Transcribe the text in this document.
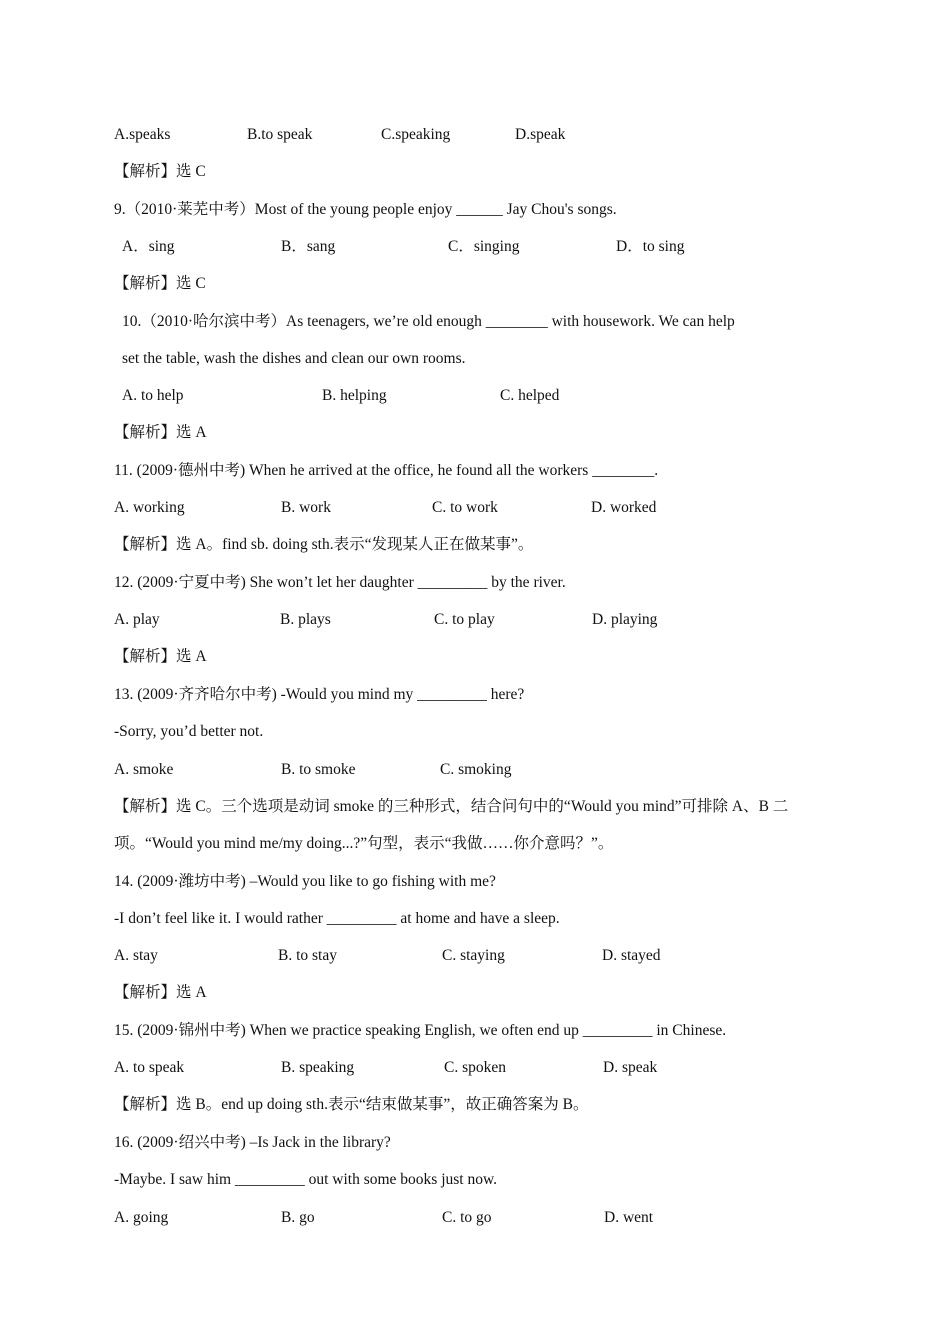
A.speaks	B.to speak	C.speaking	D.speak
【解析】选 C
9.（2010·莱芜中考）Most of the young people enjoy ______ Jay Chou's songs.
A．sing	B．sang	C．singing	D．to sing
【解析】选 C
10.（2010·哈尔滨中考）As teenagers, we’re old enough ________ with housework. We can help
set the table, wash the dishes and clean our own rooms.
A. to help	B. helping	C. helped
【解析】选 A
11. (2009·德州中考) When he arrived at the office, he found all the workers ________.
A. working	B. work	C. to work	D. worked
【解析】选 A。find sb. doing sth.表示“发现某人正在做某事”。
12. (2009·宁夏中考) She won’t let her daughter _________ by the river.
A. play	B. plays	C. to play	D. playing
【解析】选 A
13. (2009·齐齐哈尔中考) -Would you mind my _________ here?
-Sorry, you’d better not.
A. smoke	B. to smoke	C. smoking
【解析】选 C。三个选项是动词 smoke 的三种形式，结合问句中的“Would you mind”可排除 A、B 二
项。“Would you mind me/my doing...?”句型，表示“我做……你介意吗？”。
14. (2009·潍坊中考) –Would you like to go fishing with me?
-I don’t feel like it. I would rather _________ at home and have a sleep.
A. stay	B. to stay	C. staying	D. stayed
【解析】选 A
15. (2009·锦州中考) When we practice speaking English, we often end up _________ in Chinese.
A. to speak	B. speaking	C. spoken	D. speak
【解析】选 B。end up doing sth.表示“结束做某事”，故正确答案为 B。
16. (2009·绍兴中考) –Is Jack in the library?
-Maybe. I saw him _________ out with some books just now.
A. going	B. go	C. to go	D. went
